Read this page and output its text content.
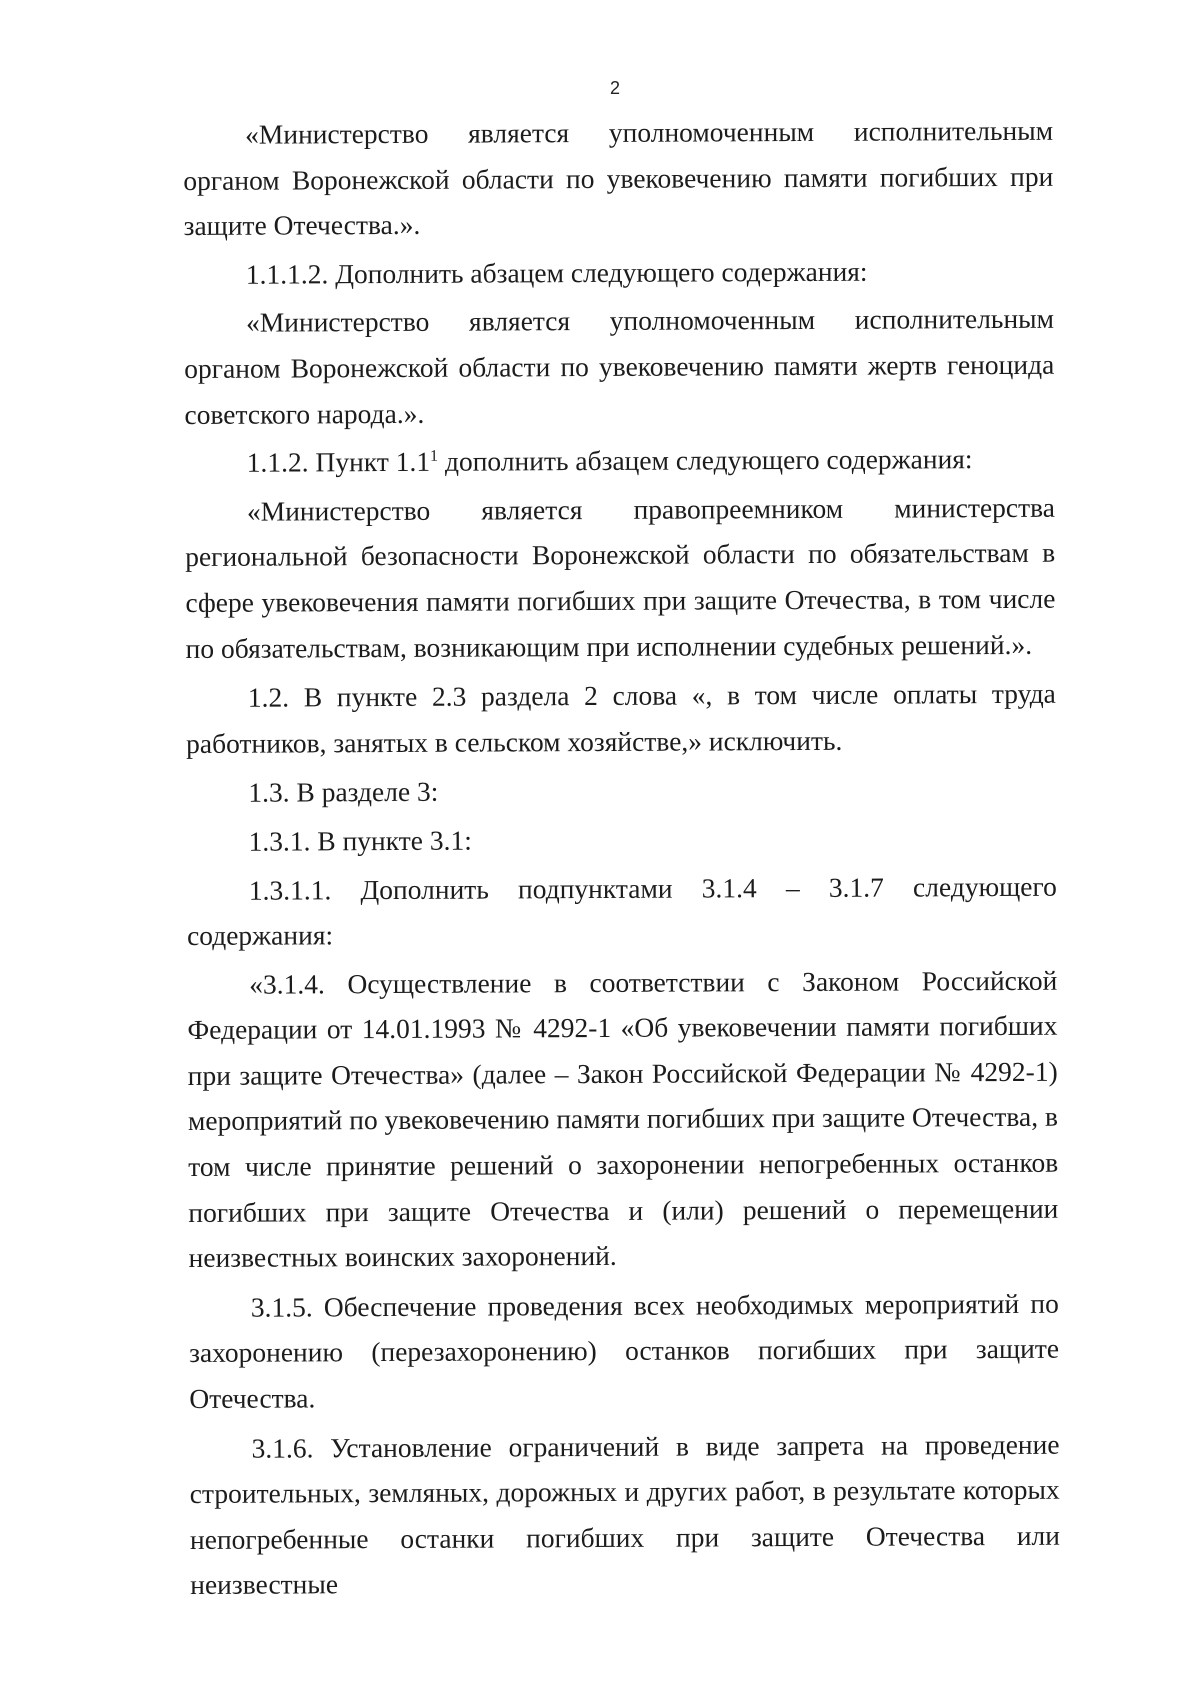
2

«Министерство является уполномоченным исполнительным органом Воронежской области по увековечению памяти погибших при защите Отечества.».

1.1.1.2. Дополнить абзацем следующего содержания:

«Министерство является уполномоченным исполнительным органом Воронежской области по увековечению памяти жертв геноцида советского народа.».

1.1.2. Пункт $1.1^1$ дополнить абзацем следующего содержания:

«Министерство является правопреемником министерства региональной безопасности Воронежской области по обязательствам в сфере увековечения памяти погибших при защите Отечества, в том числе по обязательствам, возникающим при исполнении судебных решений.».

1.2. В пункте 2.3 раздела 2 слова «, в том числе оплаты труда работников, занятых в сельском хозяйстве,» исключить.

1.3. В разделе 3:

1.3.1. В пункте 3.1:

1.3.1.1. Дополнить подпунктами 3.1.4 – 3.1.7 следующего содержания:

«3.1.4. Осуществление в соответствии с Законом Российской Федерации от 14.01.1993 № 4292-1 «Об увековечении памяти погибших при защите Отечества» (далее – Закон Российской Федерации № 4292-1) мероприятий по увековечению памяти погибших при защите Отечества, в том числе принятие решений о захоронении непогребенных останков погибших при защите Отечества и (или) решений о перемещении неизвестных воинских захоронений.

3.1.5. Обеспечение проведения всех необходимых мероприятий по захоронению (перезахоронению) останков погибших при защите Отечества.

3.1.6. Установление ограничений в виде запрета на проведение строительных, земляных, дорожных и других работ, в результате которых непогребенные останки погибших при защите Отечества или неизвестные
